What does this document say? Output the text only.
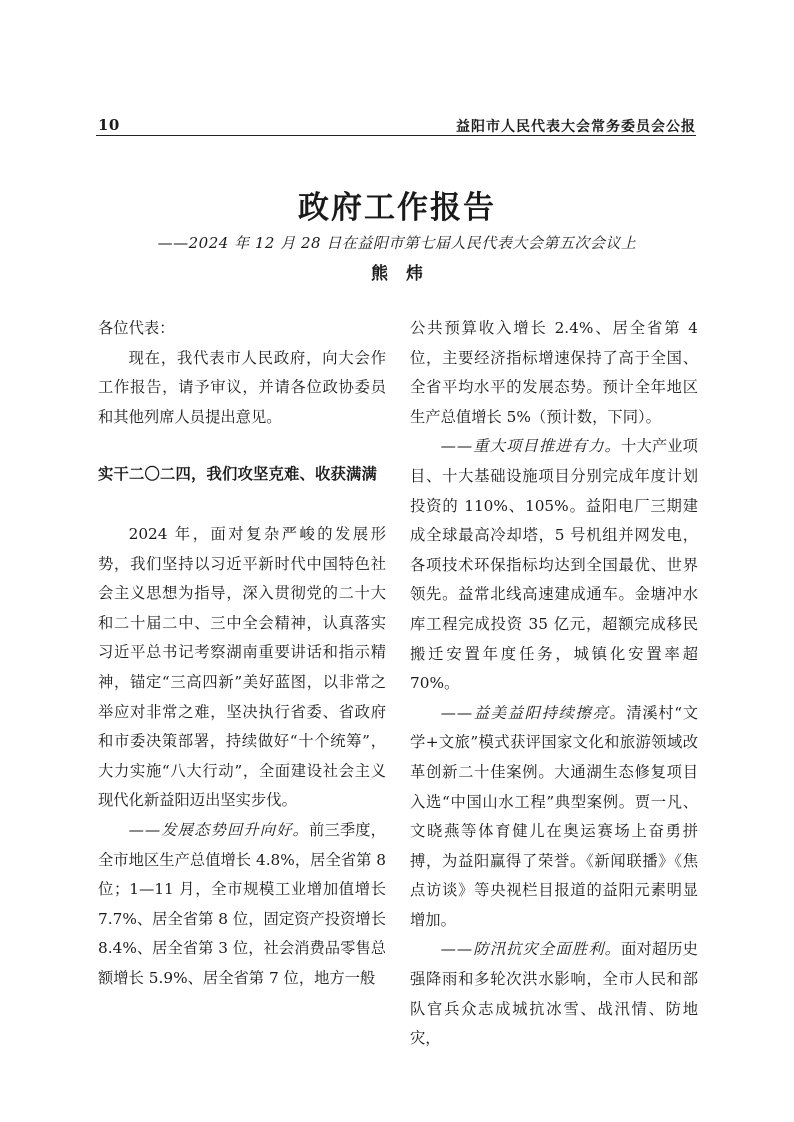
10	益阳市人民代表大会常务委员会公报
政府工作报告
——2024 年 12 月 28 日在益阳市第七届人民代表大会第五次会议上
熊炜

各位代表：

现在，我代表市人民政府，向大会作工作报告，请予审议，并请各位政协委员和其他列席人员提出意见。

实干二〇二四，我们攻坚克难、收获满满

2024 年，面对复杂严峻的发展形势，我们坚持以习近平新时代中国特色社会主义思想为指导，深入贯彻党的二十大和二十届二中、三中全会精神，认真落实习近平总书记考察湖南重要讲话和指示精神，锚定“三高四新”美好蓝图，以非常之举应对非常之难，坚决执行省委、省政府和市委决策部署，持续做好“十个统筹”，大力实施“八大行动”，全面建设社会主义现代化新益阳迈出坚实步伐。

——发展态势回升向好。前三季度，全市地区生产总值增长 4.8%，居全省第 8 位；1—11 月，全市规模工业增加值增长 7.7%、居全省第 8 位，固定资产投资增长 8.4%、居全省第 3 位，社会消费品零售总额增长 5.9%、居全省第 7 位，地方一般

公共预算收入增长 2.4%、居全省第 4 位，主要经济指标增速保持了高于全国、全省平均水平的发展态势。预计全年地区生产总值增长 5%（预计数，下同）。

——重大项目推进有力。十大产业项目、十大基础设施项目分别完成年度计划投资的 110%、105%。益阳电厂三期建成全球最高冷却塔，5 号机组并网发电，各项技术环保指标均达到全国最优、世界领先。益常北线高速建成通车。金塘冲水库工程完成投资 35 亿元，超额完成移民搬迁安置年度任务，城镇化安置率超 70%。

——益美益阳持续擦亮。清溪村“文学+文旅”模式获评国家文化和旅游领域改革创新二十佳案例。大通湖生态修复项目入选“中国山水工程”典型案例。贾一凡、文晓燕等体育健儿在奥运赛场上奋勇拼搏，为益阳赢得了荣誉。《新闻联播》《焦点访谈》等央视栏目报道的益阳元素明显增加。

——防汛抗灾全面胜利。面对超历史强降雨和多轮次洪水影响，全市人民和部队官兵众志成城抗冰雪、战汛情、防地灾，
